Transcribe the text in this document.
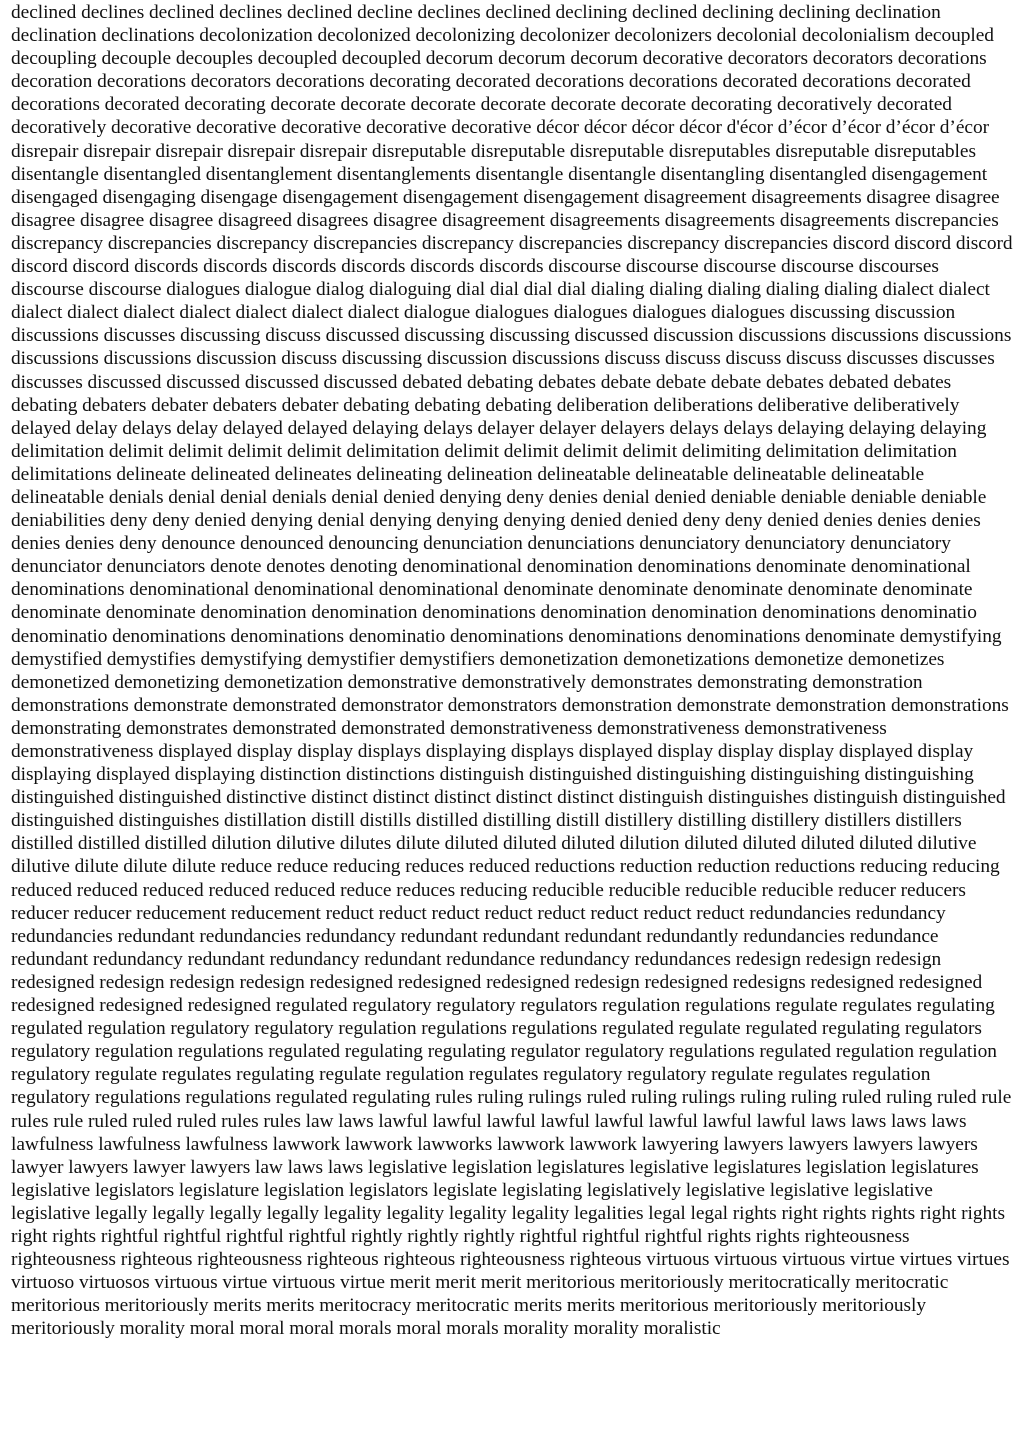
declined declines declined declines declined decline declines declined declining declined declining declining declination declination declinations decolonization decolonized decolonizing decolonizer decolonizers decolonial decolonialism decoupled decoupling decouple decouples decoupled decoupled decorum decorum decorum decorative decorators decorators decorations decoration decorations decorators decorations decorating decorated decorations decorations decorated decorations decorated decorations decorated decorating decorate decorate decorate decorate decorate decorate decorating decoratively decorated decoratively decorative decorative decorative decorative decorative décor décor décor décor d'écor d’écor d’écor d’écor d’écor disrepair disrepair disrepair disrepair disrepair disreputable disreputable disreputable disreputables disreputable disreputables disentangle disentangled disentanglement disentanglements disentangle disentangle disentangling disentangled disengagement disengaged disengaging disengage disengagement disengagement disengagement disagreement disagreements disagree disagree disagree disagree disagree disagreed disagrees disagree disagreement disagreements disagreements disagreements discrepancies discrepancy discrepancies discrepancy discrepancies discrepancy discrepancies discrepancy discrepancies discord discord discord discord discord discords discords discords discords discords discords discourse discourse discourse discourse discourses discourse discourse dialogues dialogue dialog dialoguing dial dial dial dial dialing dialing dialing dialing dialing dialect dialect dialect dialect dialect dialect dialect dialect dialect dialogue dialogues dialogues dialogues dialogues discussing discussion discussions discusses discussing discuss discussed discussing discussing discussed discussion discussions discussions discussions discussions discussions discussion discuss discussing discussion discussions discuss discuss discuss discuss discusses discusses discusses discussed discussed discussed discussed debated debating debates debate debate debate debates debated debates debating debaters debater debaters debater debating debating debating deliberation deliberations deliberative deliberatively delayed delay delays delay delayed delayed delaying delays delayer delayer delayers delays delays delaying delaying delaying delimitation delimit delimit delimit delimit delimitation delimit delimit delimit delimit delimiting delimitation delimitation delimitations delineate delineated delineates delineating delineation delineatable delineatable delineatable delineatable delineatable denials denial denial denials denial denied denying deny denies denial denied deniable deniable deniable deniable deniabilities deny deny denied denying denial denying denying denying denied denied deny deny denied denies denies denies denies denies deny denounce denounced denouncing denunciation denunciations denunciatory denunciatory denunciatory denunciator denunciators denote denotes denoting denominational denomination denominations denominate denominational denominations denominational denominational denominational denominate denominate denominate denominate denominate denominate denominate denomination denomination denominations denomination denomination denominations denominatio denominatio denominations denominations denominatio denominations denominations denominations denominate demystifying demystified demystifies demystifying demystifier demystifiers demonetization demonetizations demonetize demonetizes demonetized demonetizing demonetization demonstrative demonstratively demonstrates demonstrating demonstration demonstrations demonstrate demonstrated demonstrator demonstrators demonstration demonstrate demonstration demonstrations demonstrating demonstrates demonstrated demonstrated demonstrativeness demonstrativeness demonstrativeness demonstrativeness displayed display display displays displaying displays displayed display display display displayed display displaying displayed displaying distinction distinctions distinguish distinguished distinguishing distinguishing distinguishing distinguished distinguished distinctive distinct distinct distinct distinct distinct distinguish distinguishes distinguish distinguished distinguished distinguishes distillation distill distills distilled distilling distill distillery distilling distillery distillers distillers distilled distilled distilled dilution dilutive dilutes dilute diluted diluted diluted dilution diluted diluted diluted diluted dilutive dilutive dilute dilute dilute reduce reduce reducing reduces reduced reductions reduction reduction reductions reducing reducing reduced reduced reduced reduced reduced reduce reduces reducing reducible reducible reducible reducible reducer reducers reducer reducer reducement reducement reduct reduct reduct reduct reduct reduct reduct reduct redundancies redundancy redundancies redundant redundancies redundancy redundant redundant redundant redundantly redundancies redundance redundant redundancy redundant redundancy redundant redundance redundancy redundances redesign redesign redesign redesigned redesign redesign redesign redesigned redesigned redesigned redesign redesigned redesigns redesigned redesigned redesigned redesigned redesigned regulated regulatory regulatory regulators regulation regulations regulate regulates regulating regulated regulation regulatory regulatory regulation regulations regulations regulated regulate regulated regulating regulators regulatory regulation regulations regulated regulating regulating regulator regulatory regulations regulated regulation regulation regulatory regulate regulates regulating regulate regulation regulates regulatory regulatory regulate regulates regulation regulatory regulations regulations regulated regulating rules ruling rulings ruled ruling rulings ruling ruling ruled ruling ruled rule rules rule ruled ruled ruled rules rules law laws lawful lawful lawful lawful lawful lawful lawful lawful laws laws laws laws lawfulness lawfulness lawfulness lawwork lawwork lawworks lawwork lawwork lawyering lawyers lawyers lawyers lawyers lawyer lawyers lawyer lawyers law laws laws legislative legislation legislatures legislative legislatures legislation legislatures legislative legislators legislature legislation legislators legislate legislating legislatively legislative legislative legislative legislative legally legally legally legally legality legality legality legality legalities legal legal rights right rights rights right rights right rights rightful rightful rightful rightful rightly rightly rightly rightful rightful rightful rights rights righteousness righteousness righteous righteousness righteous righteous righteousness righteous virtuous virtuous virtuous virtue virtues virtues virtuoso virtuosos virtuous virtue virtuous virtue merit merit merit meritorious meritoriously meritocratically meritocratic meritorious meritoriously merits merits meritocracy meritocratic merits merits meritorious meritoriously meritoriously meritoriously morality moral moral moral morals moral morals morality morality moralistic
